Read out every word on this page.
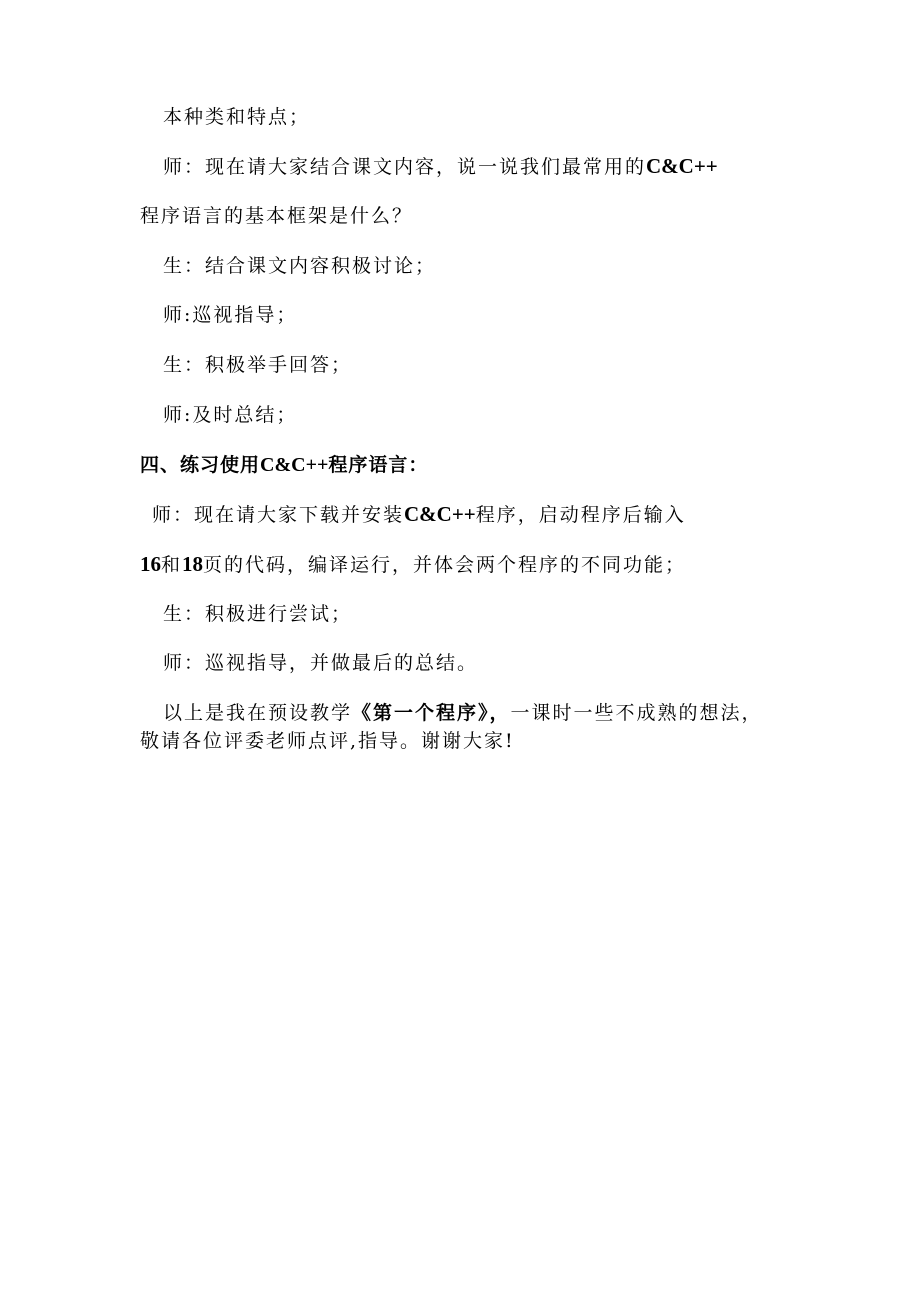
本种类和特点；
师：现在请大家结合课文内容，说一说我们最常用的C&C++
程序语言的基本框架是什么？
生：结合课文内容积极讨论；
师:巡视指导；
生：积极举手回答；
师:及时总结；
四、练习使用C&C++程序语言：
师：现在请大家下载并安装C&C++程序，启动程序后输入
16和18页的代码，编译运行，并体会两个程序的不同功能；
生：积极进行尝试；
师：巡视指导，并做最后的总结。
以上是我在预设教学《第一个程序》，一课时一些不成熟的想法，
敬请各位评委老师点评,指导。谢谢大家!
